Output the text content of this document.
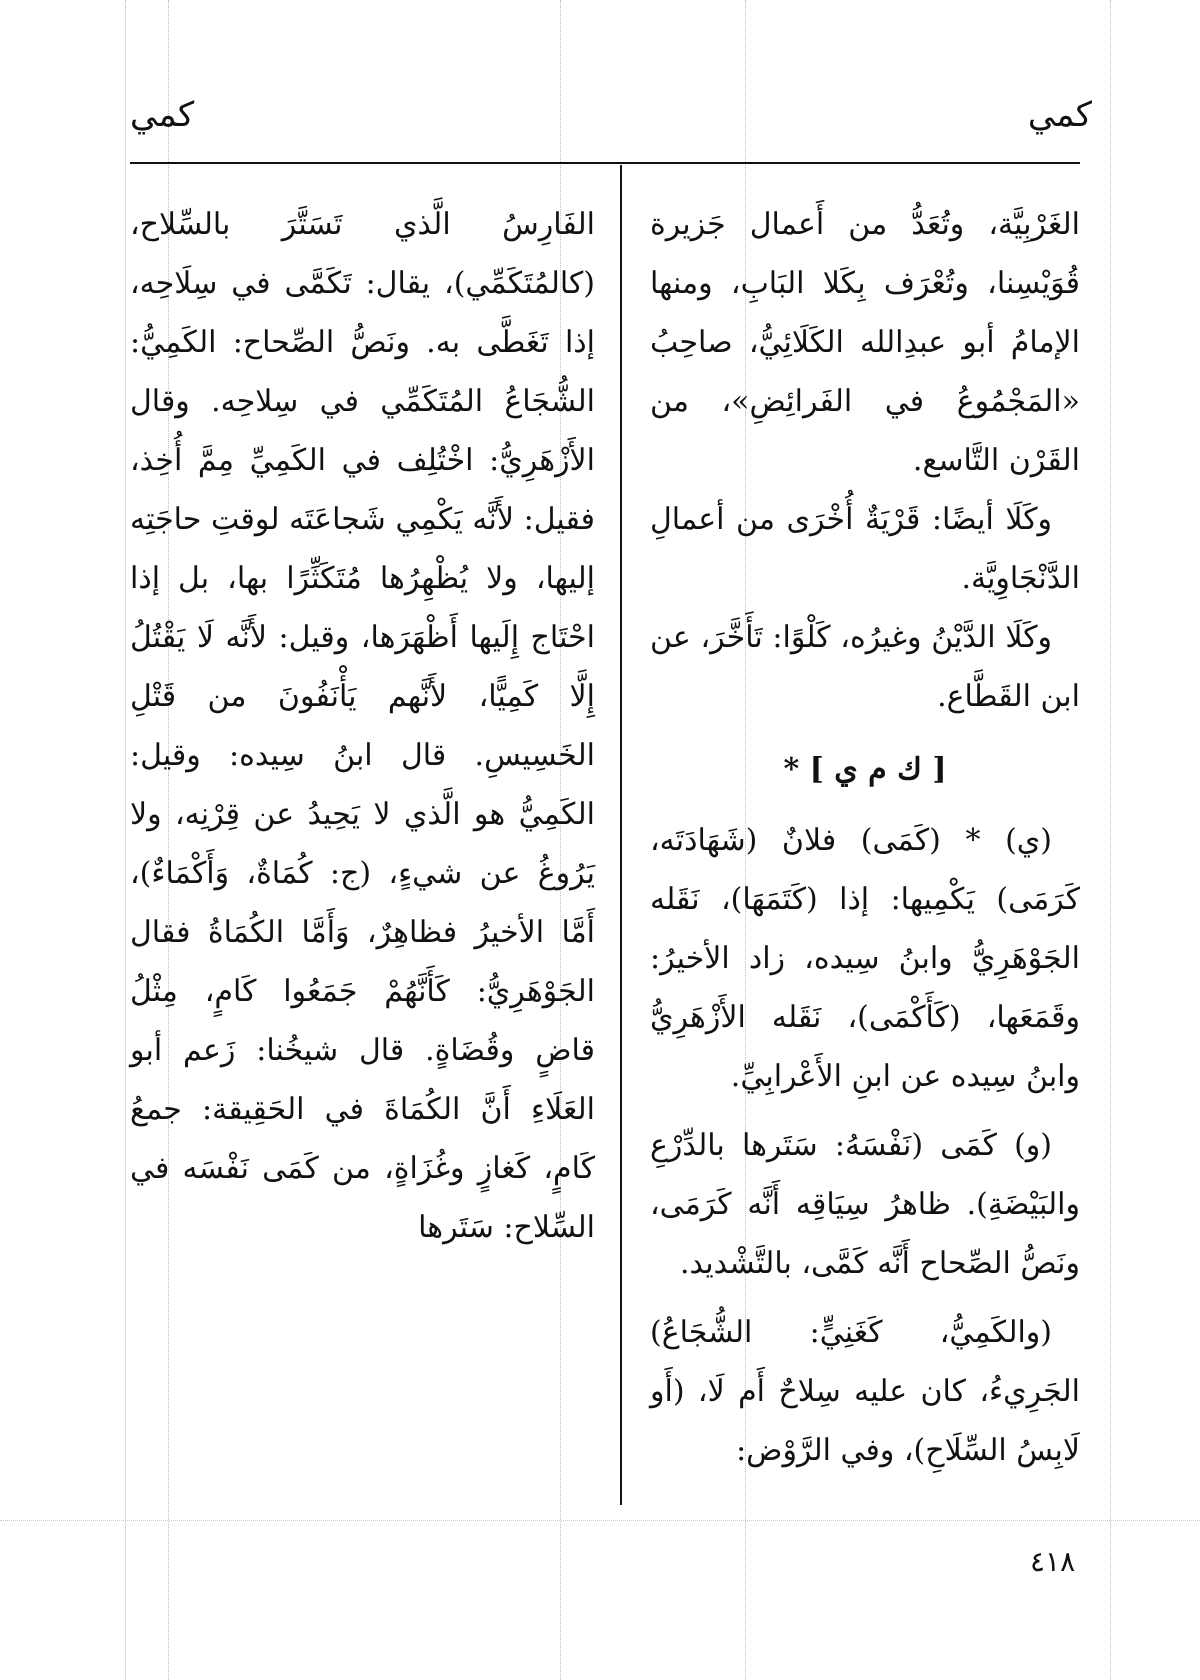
كمي
كمي

الغَرْبِيَّة، وتُعَدُّ من أَعمال جَزيرة قُوَيْسِنا، وتُعْرَف بِكَلا البَابِ، ومنها الإمامُ أبو عبدِالله الكَلَائِيُّ، صاحِبُ «المَجْمُوعُ في الفَرائِضِ»، من القَرْن التَّاسع.

وكَلَا أيضًا: قَرْيَةٌ أُخْرَى من أعمالِ الدَّنْجَاوِيَّة.

وكَلَا الدَّيْنُ وغيرُه، كَلْوًا: تَأَخَّرَ، عن ابن القَطَّاع.

[ ك م ي ] *

(ي) * (كَمَى) فلانٌ (شَهَادَتَه، كَرَمَى) يَكْمِيها: إذا (كَتَمَهَا)، نَقَله الجَوْهَرِيُّ وابنُ سِيده، زاد الأخيرُ: وقَمَعَها، (كَأَكْمَى)، نَقَله الأَزْهَرِيُّ وابنُ سِيده عن ابنِ الأَعْرابِيِّ.

(و) كَمَى (نَفْسَهُ: سَتَرها بالدِّرْعِ والبَيْضَةِ). ظاهرُ سِيَاقِه أَنَّه كَرَمَى، ونَصُّ الصِّحاح أَنَّه كَمَّى، بالتَّشْديد.

(والكَمِيُّ، كَغَنِيٍّ: الشُّجَاعُ) الجَرِيءُ، كان عليه سِلاحٌ أَم لَا، (أَو لَابِسُ السِّلَاحِ)، وفي الرَّوْض:

الفَارِسُ الَّذي تَسَتَّرَ بالسِّلاح، (كالمُتَكَمِّي)، يقال: تَكَمَّى في سِلَاحِه، إذا تَغَطَّى به. ونَصُّ الصِّحاح: الكَمِيُّ: الشُّجَاعُ المُتَكَمِّي في سِلاحِه. وقال الأَزْهَرِيُّ: اخْتُلِف في الكَمِيِّ مِمَّ أُخِذ، فقيل: لأَنَّه يَكْمِي شَجاعَتَه لوقتِ حاجَتِه إليها، ولا يُظْهِرُها مُتَكَثِّرًا بها، بل إذا احْتَاج إِلَيها أَظْهَرَها، وقيل: لأَنَّه لَا يَقْتُلُ إِلَّا كَمِيًّا، لأَنَّهم يَأْنَفُونَ من قَتْلِ الخَسِيسِ. قال ابنُ سِيده: وقيل: الكَمِيُّ هو الَّذي لا يَحِيدُ عن قِرْنِه، ولا يَرُوغُ عن شيءٍ، (ج: كُمَاةٌ، وَأَكْمَاءٌ)، أَمَّا الأخيرُ فظاهِرٌ، وَأَمَّا الكُمَاةُ فقال الجَوْهَرِيُّ: كَأَنَّهُمْ جَمَعُوا كَامٍ، مِثْلُ قاضٍ وقُضَاةٍ. قال شيخُنا: زَعم أبو العَلَاءِ أَنَّ الكُمَاةَ في الحَقِيقة: جمعُ كَامٍ، كَغازٍ وغُزَاةٍ، من كَمَى نَفْسَه في السِّلاح: سَتَرها

٤١٨
